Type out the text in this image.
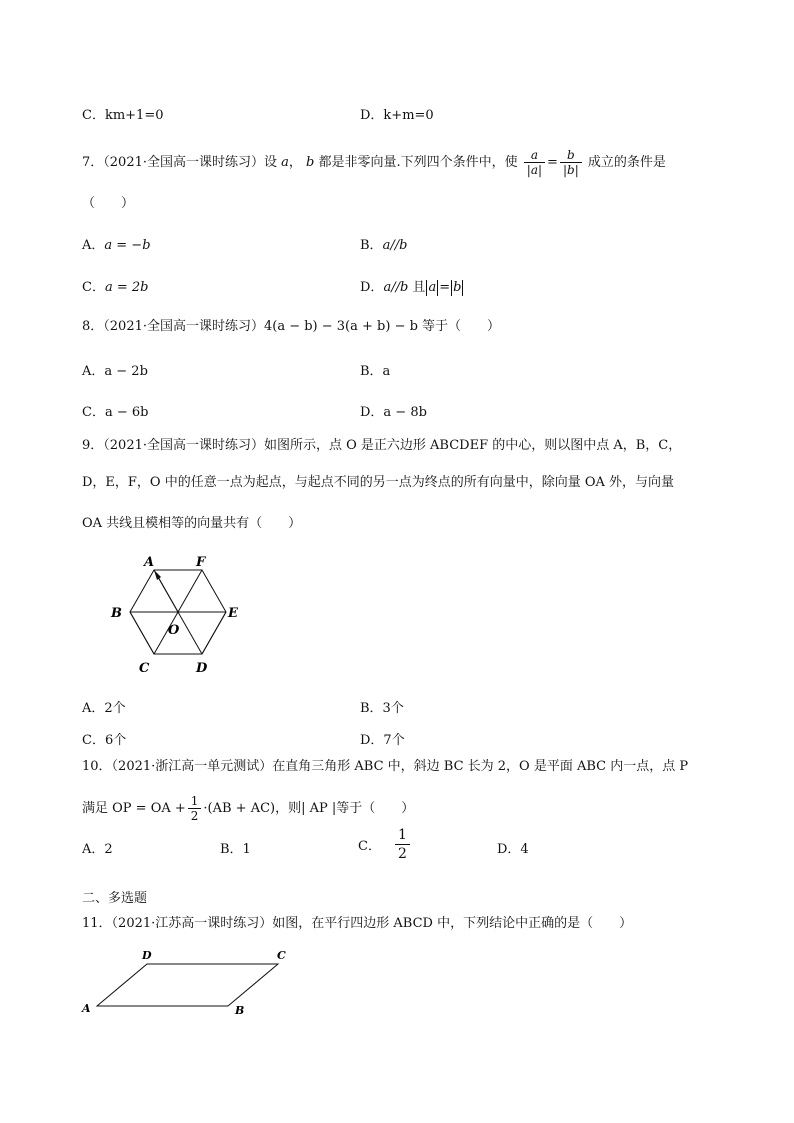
C．km+1=0	D．k+m=0
7．（2021·全国高一课时练习）设 a， b 都是非零向量.下列四个条件中，使 $\frac{a}{|a|} = \frac{b}{|b|}$ 成立的条件是
（　　）
A．a = −b	B．a//b
C．a = 2b	D．a//b 且 a = b
8．（2021·全国高一课时练习）4(a − b) − 3(a + b) − b 等于（　　）
A．a − 2b	B．a
C．a − 6b	D．a − 8b
9．（2021·全国高一课时练习）如图所示，点 O 是正六边形 ABCDEF 的中心，则以图中点 A，B，C，
D，E，F，O 中的任意一点为起点，与起点不同的另一点为终点的所有向量中，除向量 OA 外，与向量
OA 共线且模相等的向量共有（　　）
A	F
B	E
O
C	D
A．2个	B．3个
C．6个	D．7个
10．（2021·浙江高一单元测试）在直角三角形 ABC 中，斜边 BC 长为 2，O 是平面 ABC 内一点，点 P
满足 OP = OA + $\frac{1}{2} \cdot(AB + AC)$，则| AP |等于（　　）
A．2	B．1	C． $\frac{1}{2}$	D．4
二、多选题
11．（2021·江苏高一课时练习）如图，在平行四边形 ABCD 中，下列结论中正确的是（　　）
A	B
C
D
